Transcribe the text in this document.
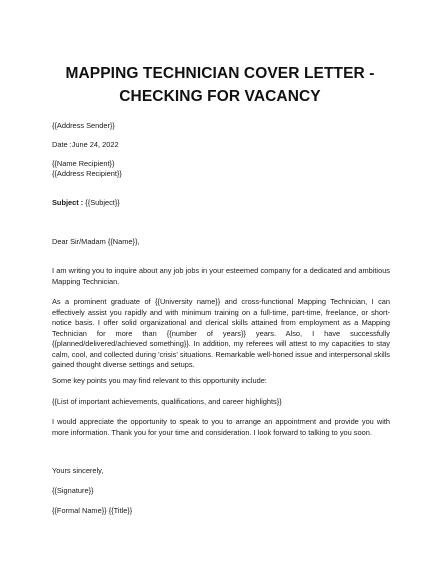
MAPPING TECHNICIAN COVER LETTER -
CHECKING FOR VACANCY
{{Address Sender}}
Date :June 24, 2022
{{Name Recipient}}
{{Address Recipient}}
Subject : {{Subject}}
Dear Sir/Madam {{Name}},
I am writing you to inquire about any job jobs in your esteemed company for a dedicated and ambitious Mapping Technician.
As a prominent graduate of {{University name}} and cross-functional Mapping Technician, I can effectively assist you rapidly and with minimum training on a full-time, part-time, freelance, or short-notice basis. I offer solid organizational and clerical skills attained from employment as a Mapping Technician for more than {{number of years}} years. Also, I have successfully {{planned/delivered/achieved something}}. In addition, my referees will attest to my capacities to stay calm, cool, and collected during 'crisis' situations. Remarkable well-honed issue and interpersonal skills gained thought diverse settings and setups.
Some key points you may find relevant to this opportunity include:
{{List of important achievements, qualifications, and career highlights}}
I would appreciate the opportunity to speak to you to arrange an appointment and provide you with more information. Thank you for your time and consideration. I look forward to talking to you soon.
Yours sincerely,
{{Signature}}
{{Formal Name}} {{Title}}
